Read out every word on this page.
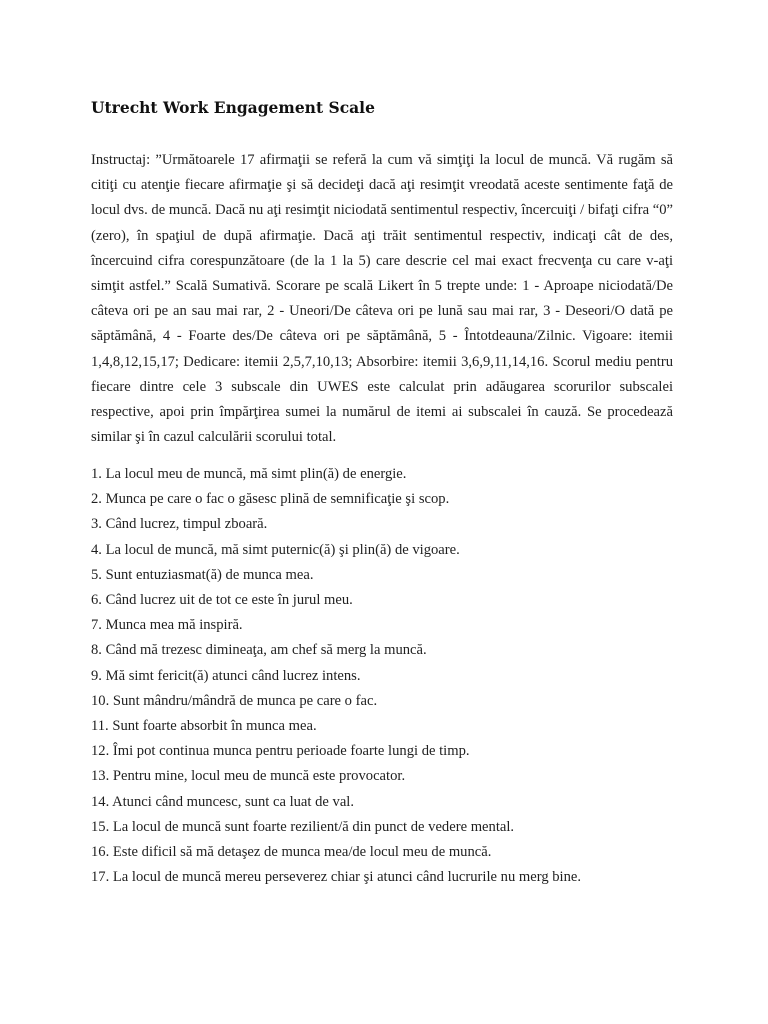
Utrecht Work Engagement Scale

Instructaj: ”Următoarele 17 afirmaţii se referă la cum vă simţiţi la locul de muncă. Vă rugăm să citiţi cu atenţie fiecare afirmaţie şi să decideţi dacă aţi resimţit vreodată aceste sentimente faţă de locul dvs. de muncă. Dacă nu aţi resimţit niciodată sentimentul respectiv, încercuiţi / bifaţi cifra “0” (zero), în spaţiul de după afirmaţie. Dacă aţi trăit sentimentul respectiv, indicaţi cât de des, încercuind cifra corespunzătoare (de la 1 la 5) care descrie cel mai exact frecvenţa cu care v-aţi simţit astfel.” Scală Sumativă. Scorare pe scală Likert în 5 trepte unde: 1 - Aproape niciodată/De câteva ori pe an sau mai rar, 2 - Uneori/De câteva ori pe lună sau mai rar, 3 - Deseori/O dată pe săptămână, 4 - Foarte des/De câteva ori pe săptămână, 5 - Întotdeauna/Zilnic. Vigoare: itemii 1,4,8,12,15,17; Dedicare: itemii 2,5,7,10,13; Absorbire: itemii 3,6,9,11,14,16. Scorul mediu pentru fiecare dintre cele 3 subscale din UWES este calculat prin adăugarea scorurilor subscalei respective, apoi prin împărţirea sumei la numărul de itemi ai subscalei în cauză. Se procedează similar şi în cazul calculării scorului total.

1. La locul meu de muncă, mă simt plin(ă) de energie.
2. Munca pe care o fac o găsesc plină de semnificaţie şi scop.
3. Când lucrez, timpul zboară.
4. La locul de muncă, mă simt puternic(ă) şi plin(ă) de vigoare.
5. Sunt entuziasmat(ă) de munca mea.
6. Când lucrez uit de tot ce este în jurul meu.
7. Munca mea mă inspiră.
8. Când mă trezesc dimineaţa, am chef să merg la muncă.
9. Mă simt fericit(ă) atunci când lucrez intens.
10. Sunt mândru/mândră de munca pe care o fac.
11. Sunt foarte absorbit în munca mea.
12. Îmi pot continua munca pentru perioade foarte lungi de timp.
13. Pentru mine, locul meu de muncă este provocator.
14. Atunci când muncesc, sunt ca luat de val.
15. La locul de muncă sunt foarte rezilient/ă din punct de vedere mental.
16. Este dificil să mă detaşez de munca mea/de locul meu de muncă.
17. La locul de muncă mereu perseverez chiar şi atunci când lucrurile nu merg bine.
